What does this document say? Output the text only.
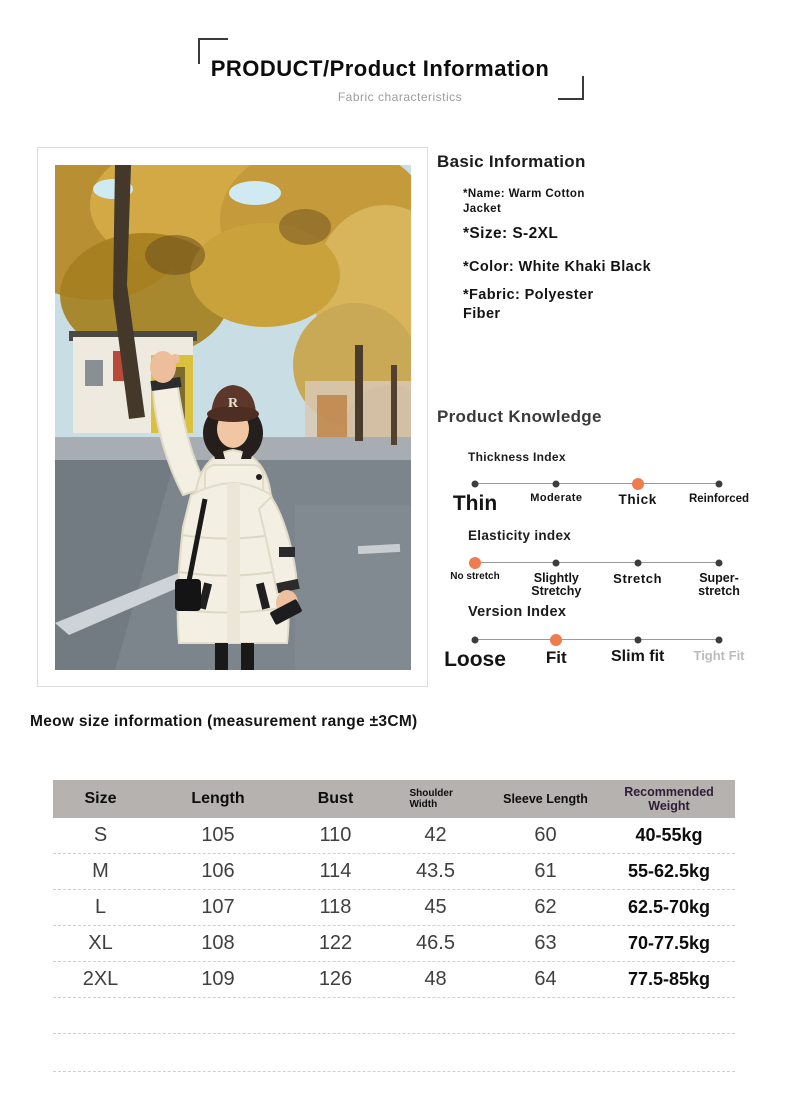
PRODUCT/Product Information
Fabric characteristics
R
Basic Information
*Name: Warm Cotton Jacket
*Size: S-2XL
*Color: White Khaki Black
*Fabric: Polyester Fiber
Product Knowledge
Thickness Index
Thin	Moderate	Thick	Reinforced
Elasticity index
No stretch	Slightly Stretchy
Stretch	Super-stretch
Version Index
Loose Fit	Slim fit Tight Fit
Meow size information (measurement range ±3CM)
Size	Length	Bust	Shoulder Width	Sleeve Length	Recommended Weight
S	105	110	42	60	40-55kg
M	106	114	43.5	61	55-62.5kg
L	107	118	45	62	62.5-70kg
XL	108	122	46.5	63	70-77.5kg
2XL	109	126	48	64	77.5-85kg
